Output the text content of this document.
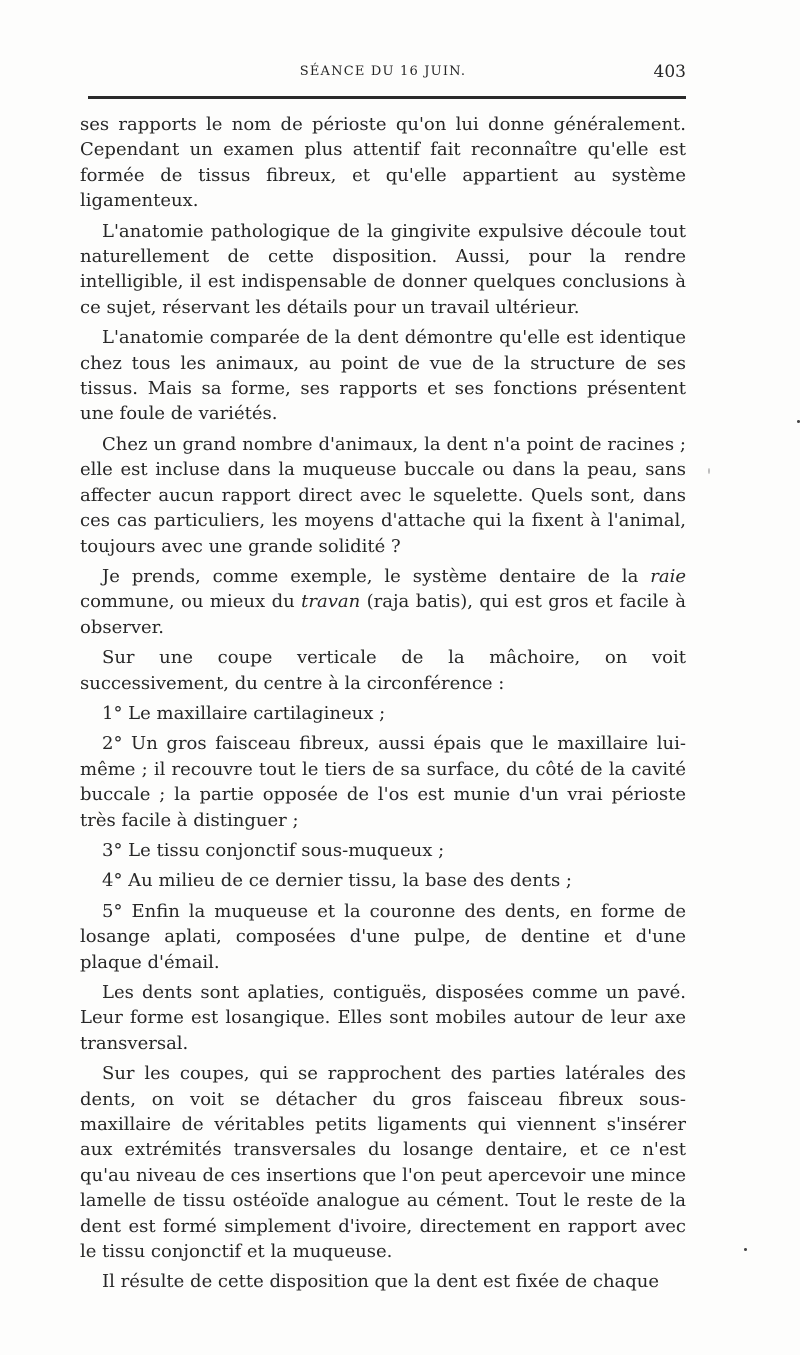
SÉANCE DU 16 JUIN.	403

ses rapports le nom de périoste qu'on lui donne généralement. Cependant un examen plus attentif fait reconnaître qu'elle est formée de tissus fibreux, et qu'elle appartient au système ligamenteux.

L'anatomie pathologique de la gingivite expulsive découle tout naturellement de cette disposition. Aussi, pour la rendre intelligible, il est indispensable de donner quelques conclusions à ce sujet, réservant les détails pour un travail ultérieur.

L'anatomie comparée de la dent démontre qu'elle est identique chez tous les animaux, au point de vue de la structure de ses tissus. Mais sa forme, ses rapports et ses fonctions présentent une foule de variétés.

Chez un grand nombre d'animaux, la dent n'a point de racines ; elle est incluse dans la muqueuse buccale ou dans la peau, sans affecter aucun rapport direct avec le squelette. Quels sont, dans ces cas particuliers, les moyens d'attache qui la fixent à l'animal, toujours avec une grande solidité ?

Je prends, comme exemple, le système dentaire de la raie commune, ou mieux du travan (raja batis), qui est gros et facile à observer.

Sur une coupe verticale de la mâchoire, on voit successivement, du centre à la circonférence :

1° Le maxillaire cartilagineux ;

2° Un gros faisceau fibreux, aussi épais que le maxillaire lui-même ; il recouvre tout le tiers de sa surface, du côté de la cavité buccale ; la partie opposée de l'os est munie d'un vrai périoste très facile à distinguer ;

3° Le tissu conjonctif sous-muqueux ;

4° Au milieu de ce dernier tissu, la base des dents ;

5° Enfin la muqueuse et la couronne des dents, en forme de losange aplati, composées d'une pulpe, de dentine et d'une plaque d'émail.

Les dents sont aplaties, contiguës, disposées comme un pavé. Leur forme est losangique. Elles sont mobiles autour de leur axe transversal.

Sur les coupes, qui se rapprochent des parties latérales des dents, on voit se détacher du gros faisceau fibreux sous-maxillaire de véritables petits ligaments qui viennent s'insérer aux extrémités transversales du losange dentaire, et ce n'est qu'au niveau de ces insertions que l'on peut apercevoir une mince lamelle de tissu ostéoïde analogue au cément. Tout le reste de la dent est formé simplement d'ivoire, directement en rapport avec le tissu conjonctif et la muqueuse.

Il résulte de cette disposition que la dent est fixée de chaque
